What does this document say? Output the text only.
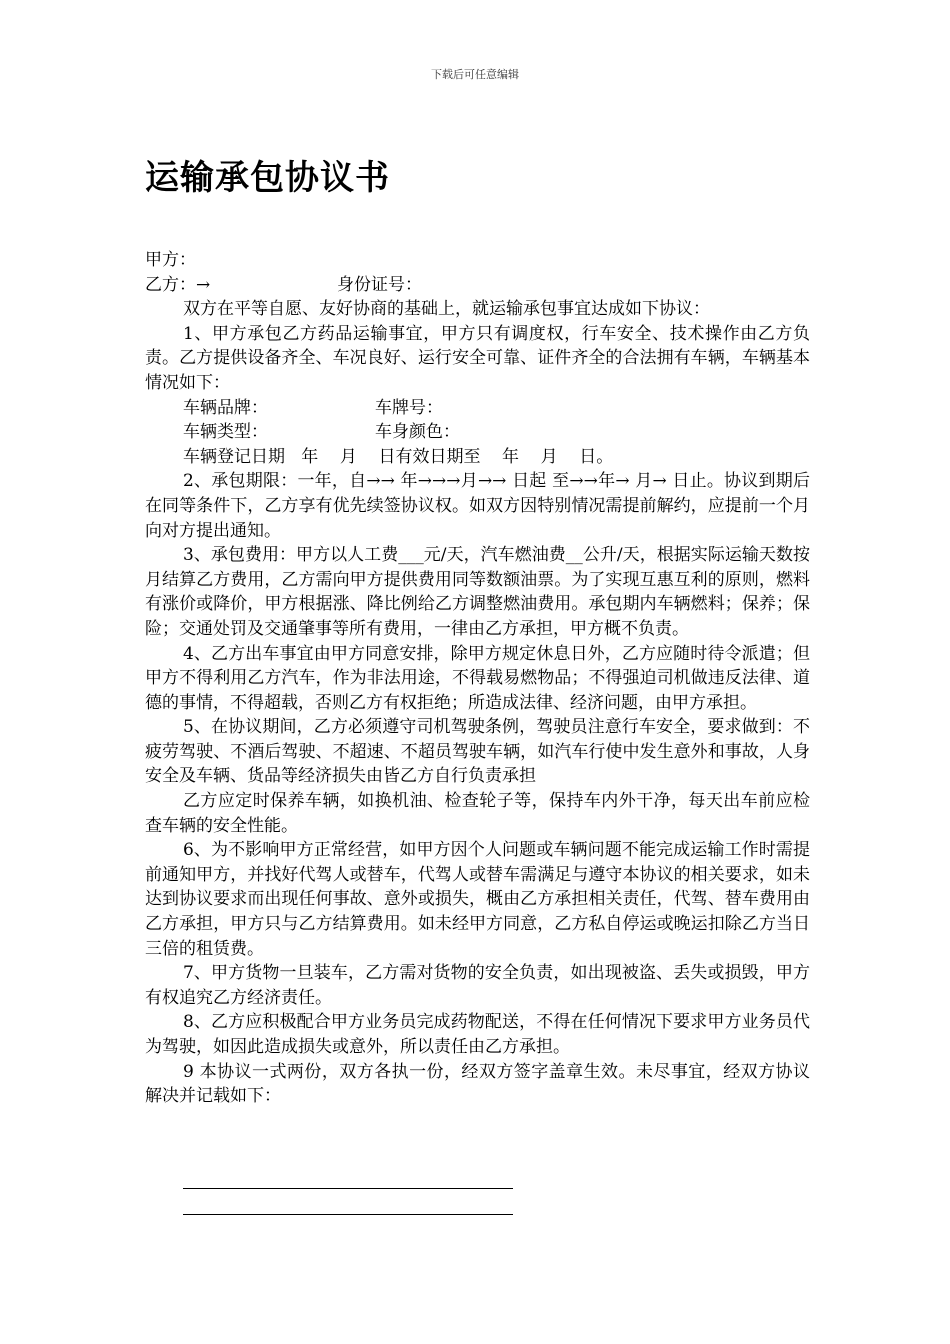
下载后可任意编辑
运输承包协议书

甲方：

乙方：→	身份证号：

双方在平等自愿、友好协商的基础上，就运输承包事宜达成如下协议：

1、甲方承包乙方药品运输事宜，甲方只有调度权，行车安全、技术操作由乙方负责。乙方提供设备齐全、车况良好、运行安全可靠、证件齐全的合法拥有车辆，车辆基本情况如下：

车辆品牌：	车牌号：
车辆类型：	车身颜色：

车辆登记日期   年    月    日有效日期至    年    月    日。

2、承包期限：一年，自→→ 年→→→月→→ 日起 至→→年→ 月→ 日止。协议到期后在同等条件下，乙方享有优先续签协议权。如双方因特别情况需提前解约，应提前一个月向对方提出通知。

3、承包费用：甲方以人工费___元/天，汽车燃油费__公升/天，根据实际运输天数按月结算乙方费用，乙方需向甲方提供费用同等数额油票。为了实现互惠互利的原则，燃料有涨价或降价，甲方根据涨、降比例给乙方调整燃油费用。承包期内车辆燃料；保养；保险；交通处罚及交通肇事等所有费用，一律由乙方承担，甲方概不负责。

4、乙方出车事宜由甲方同意安排，除甲方规定休息日外，乙方应随时待令派遣；但甲方不得利用乙方汽车，作为非法用途，不得载易燃物品；不得强迫司机做违反法律、道德的事情，不得超载，否则乙方有权拒绝；所造成法律、经济问题，由甲方承担。

5、在协议期间，乙方必须遵守司机驾驶条例，驾驶员注意行车安全，要求做到：不疲劳驾驶、不酒后驾驶、不超速、不超员驾驶车辆，如汽车行使中发生意外和事故，人身安全及车辆、货品等经济损失由皆乙方自行负责承担

乙方应定时保养车辆，如换机油、检查轮子等，保持车内外干净，每天出车前应检查车辆的安全性能。

6、为不影响甲方正常经营，如甲方因个人问题或车辆问题不能完成运输工作时需提前通知甲方，并找好代驾人或替车，代驾人或替车需满足与遵守本协议的相关要求，如未达到协议要求而出现任何事故、意外或损失，概由乙方承担相关责任，代驾、替车费用由乙方承担，甲方只与乙方结算费用。如未经甲方同意，乙方私自停运或晚运扣除乙方当日三倍的租赁费。

7、甲方货物一旦装车，乙方需对货物的安全负责，如出现被盗、丢失或损毁，甲方有权追究乙方经济责任。

8、乙方应积极配合甲方业务员完成药物配送，不得在任何情况下要求甲方业务员代为驾驶，如因此造成损失或意外，所以责任由乙方承担。

9 本协议一式两份，双方各执一份，经双方签字盖章生效。未尽事宜，经双方协议解决并记载如下：
